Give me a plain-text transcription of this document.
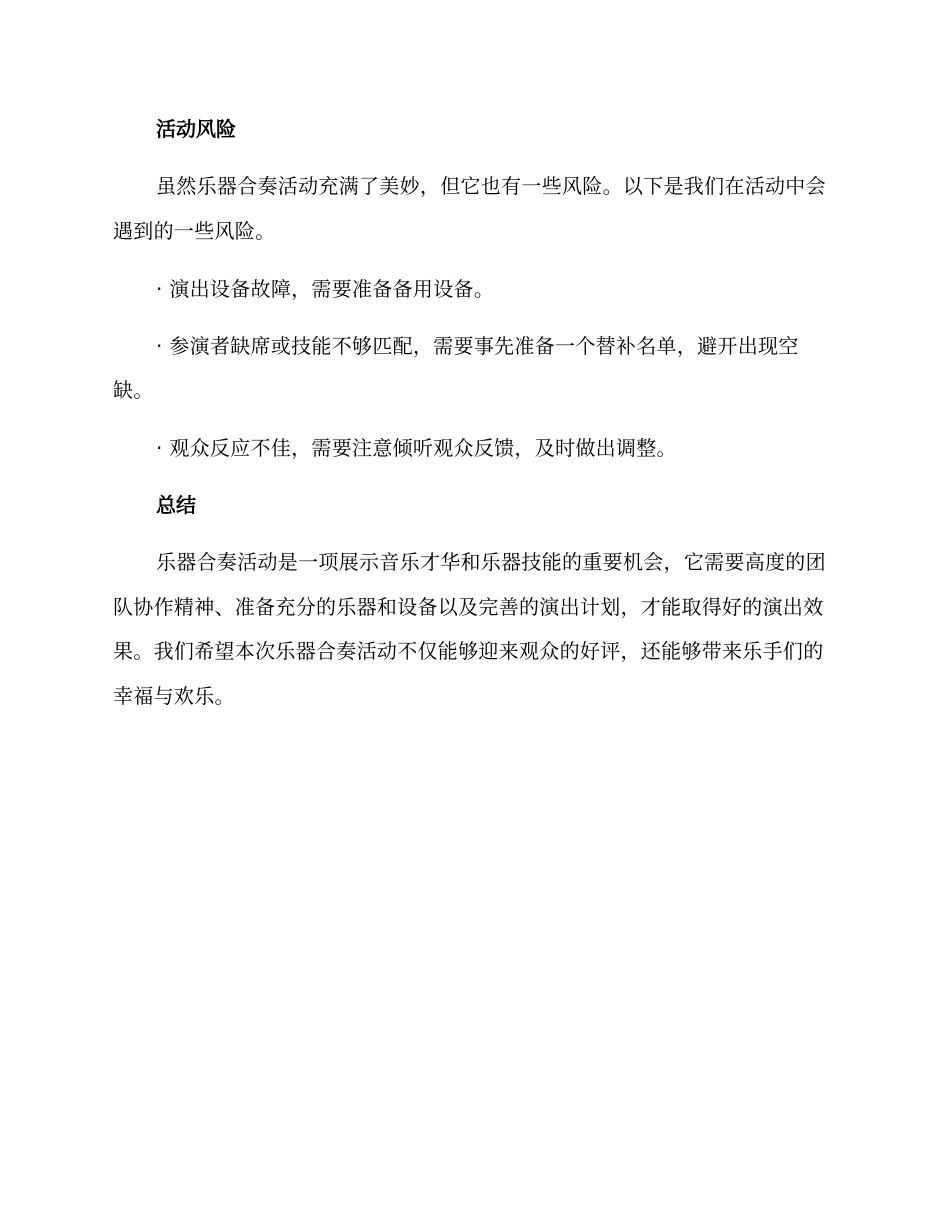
活动风险

虽然乐器合奏活动充满了美妙，但它也有一些风险。以下是我们在活动中会遇到的一些风险。

· 演出设备故障，需要准备备用设备。

· 参演者缺席或技能不够匹配，需要事先准备一个替补名单，避开出现空缺。

· 观众反应不佳，需要注意倾听观众反馈，及时做出调整。

总结

乐器合奏活动是一项展示音乐才华和乐器技能的重要机会，它需要高度的团队协作精神、准备充分的乐器和设备以及完善的演出计划，才能取得好的演出效果。我们希望本次乐器合奏活动不仅能够迎来观众的好评，还能够带来乐手们的幸福与欢乐。
